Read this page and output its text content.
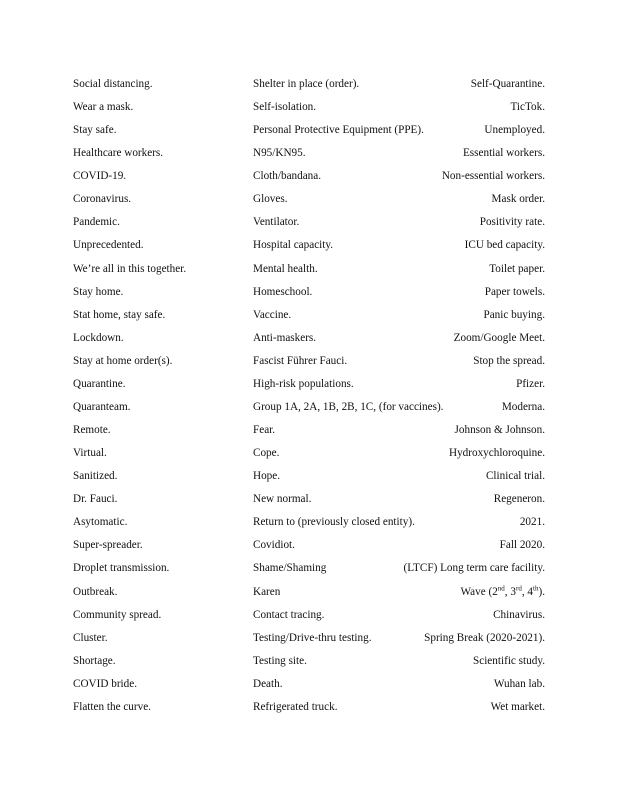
Social distancing.	Shelter in place (order).	Self-Quarantine.
Wear a mask.	Self-isolation.	TicTok.
Stay safe.	Personal Protective Equipment (PPE).	Unemployed.
Healthcare workers.	N95/KN95.	Essential workers.
COVID-19.	Cloth/bandana.	Non-essential workers.
Coronavirus.	Gloves.	Mask order.
Pandemic.	Ventilator.	Positivity rate.
Unprecedented.	Hospital capacity.	ICU bed capacity.
We’re all in this together.	Mental health.	Toilet paper.
Stay home.	Homeschool.	Paper towels.
Stat home, stay safe.	Vaccine.	Panic buying.
Lockdown.	Anti-maskers.	Zoom/Google Meet.
Stay at home order(s).	Fascist Führer Fauci.	Stop the spread.
Quarantine.	High-risk populations.	Pfizer.
Quaranteam.	Group 1A, 2A, 1B, 2B, 1C, (for vaccines).	Moderna.
Remote.	Fear.	Johnson & Johnson.
Virtual.	Cope.	Hydroxychloroquine.
Sanitized.	Hope.	Clinical trial.
Dr. Fauci.	New normal.	Regeneron.
Asytomatic.	Return to (previously closed entity).	2021.
Super-spreader.	Covidiot.	Fall 2020.
Droplet transmission.	Shame/Shaming	(LTCF) Long term care facility.
Outbreak.	Karen	Wave (2nd, 3rd, 4th).
Community spread.	Contact tracing.	Chinavirus.
Cluster.	Testing/Drive-thru testing.	Spring Break (2020-2021).
Shortage.	Testing site.	Scientific study.
COVID bride.	Death.	Wuhan lab.
Flatten the curve.	Refrigerated truck.	Wet market.
